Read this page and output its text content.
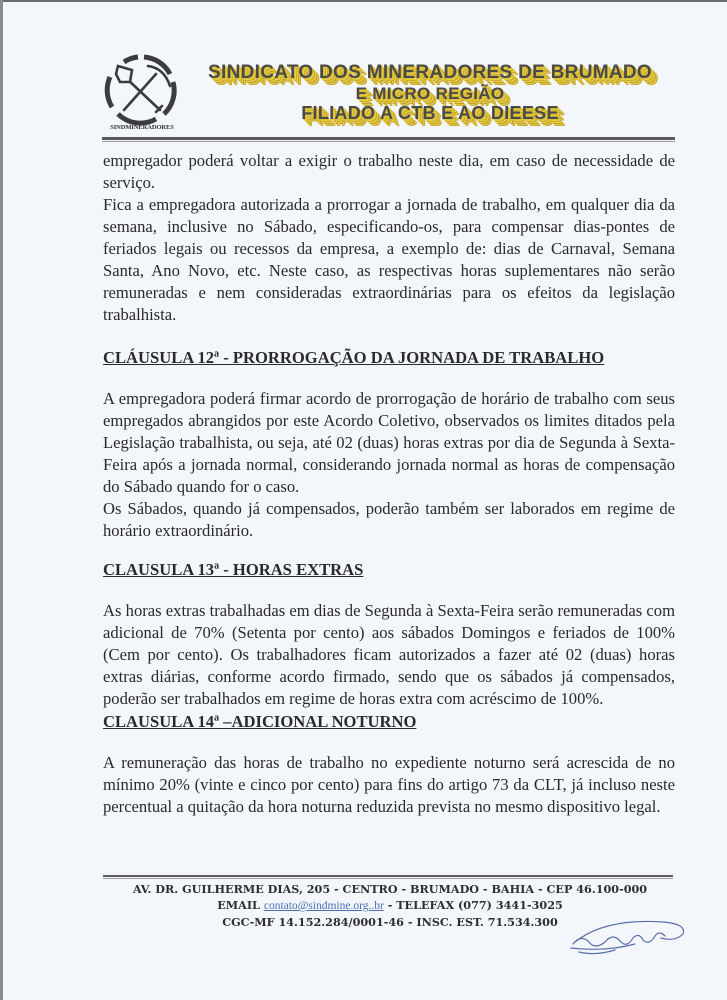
SINDMINERADORES
SINDICATO DOS MINERADORES DE BRUMADO
E MICRO REGIÃO
FILIADO A CTB E AO DIEESE

empregador poderá voltar a exigir o trabalho neste dia, em caso de necessidade de serviço.

Fica a empregadora autorizada a prorrogar a jornada de trabalho, em qualquer dia da semana, inclusive no Sábado, especificando-os, para compensar dias-pontes de feriados legais ou recessos da empresa, a exemplo de: dias de Carnaval, Semana Santa, Ano Novo, etc. Neste caso, as respectivas horas suplementares não serão remuneradas e nem consideradas extraordinárias para os efeitos da legislação trabalhista.

CLÁUSULA 12ª - PRORROGAÇÃO DA JORNADA DE TRABALHO

A empregadora poderá firmar acordo de prorrogação de horário de trabalho com seus empregados abrangidos por este Acordo Coletivo, observados os limites ditados pela Legislação trabalhista, ou seja, até 02 (duas) horas extras por dia de Segunda à Sexta-Feira após a jornada normal, considerando jornada normal as horas de compensação do Sábado quando for o caso.

Os Sábados, quando já compensados, poderão também ser laborados em regime de horário extraordinário.

CLAUSULA 13ª - HORAS EXTRAS

As horas extras trabalhadas em dias de Segunda à Sexta-Feira serão remuneradas com adicional de 70% (Setenta por cento) aos sábados Domingos e feriados de 100% (Cem por cento). Os trabalhadores ficam autorizados a fazer até 02 (duas) horas extras diárias, conforme acordo firmado, sendo que os sábados já compensados, poderão ser trabalhados em regime de horas extra com acréscimo de 100%.

CLAUSULA 14ª –ADICIONAL NOTURNO

A remuneração das horas de trabalho no expediente noturno será acrescida de no mínimo 20% (vinte e cinco por cento) para fins do artigo 73 da CLT, já incluso neste percentual a quitação da hora noturna reduzida prevista no mesmo dispositivo legal.

AV. DR. GUILHERME DIAS, 205 - CENTRO - BRUMADO - BAHIA - CEP 46.100-000
EMAIL contato@sindmine.org..br - TELEFAX (077) 3441-3025
CGC-MF 14.152.284/0001-46 - INSC. EST. 71.534.300
